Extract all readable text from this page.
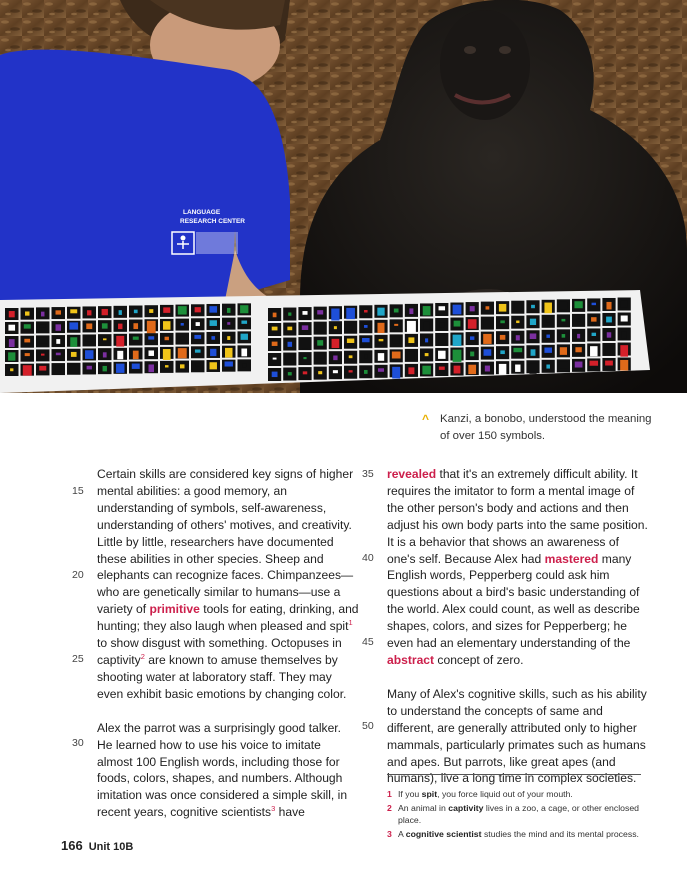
LANGUAGE
RESEARCH CENTER
^ Kanzi, a bonobo, understood the meaning of over 150 symbols.
15
20
25
30
35
40
45
50

Certain skills are considered key signs of higher mental abilities: a good memory, an understanding of symbols, self-awareness, understanding of others' motives, and creativity. Little by little, researchers have documented these abilities in other species. Sheep and elephants can recognize faces. Chimpanzees—who are genetically similar to humans—use a variety of primitive tools for eating, drinking, and hunting; they also laugh when pleased and spit$^1$ to show disgust with something. Octopuses in captivity$^2$ are known to amuse themselves by shooting water at laboratory staff. They may even exhibit basic emotions by changing color.

Alex the parrot was a surprisingly good talker. He learned how to use his voice to imitate almost 100 English words, including those for foods, colors, shapes, and numbers. Although imitation was once considered a simple skill, in recent years, cognitive scientists$^3$ have

revealed that it's an extremely difficult ability. It requires the imitator to form a mental image of the other person's body and actions and then adjust his own body parts into the same position. It is a behavior that shows an awareness of one's self. Because Alex had mastered many English words, Pepperberg could ask him questions about a bird's basic understanding of the world. Alex could count, as well as describe shapes, colors, and sizes for Pepperberg; he even had an elementary understanding of the abstract concept of zero.

Many of Alex's cognitive skills, such as his ability to understand the concepts of same and different, are generally attributed only to higher mammals, particularly primates such as humans and apes. But parrots, like great apes (and humans), live a long time in complex societies.

1 If you spit, you force liquid out of your mouth.
2 An animal in captivity lives in a zoo, a cage, or other enclosed place.
3 A cognitive scientist studies the mind and its mental process.
166 Unit 10B
